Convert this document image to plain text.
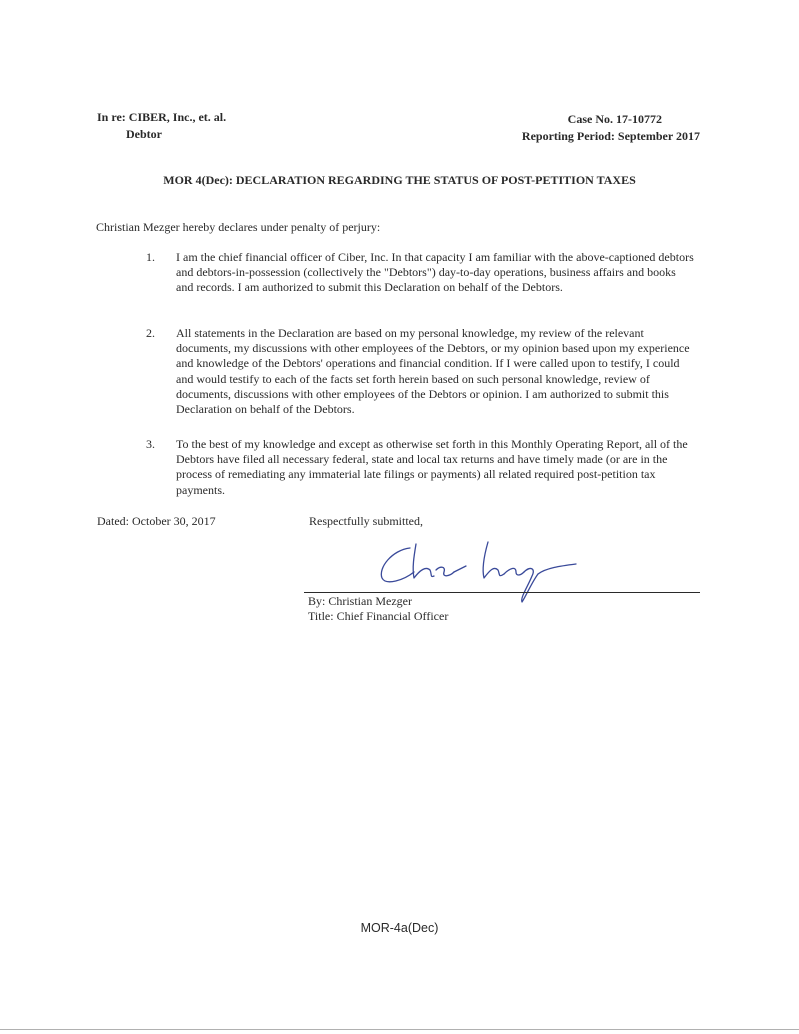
In re: CIBER, Inc., et. al.
Debtor
Case No. 17-10772
Reporting Period: September 2017
MOR 4(Dec): DECLARATION REGARDING THE STATUS OF POST-PETITION TAXES
Christian Mezger hereby declares under penalty of perjury:
1. I am the chief financial officer of Ciber, Inc. In that capacity I am familiar with the above-captioned debtors and debtors-in-possession (collectively the "Debtors") day-to-day operations, business affairs and books and records. I am authorized to submit this Declaration on behalf of the Debtors.
2. All statements in the Declaration are based on my personal knowledge, my review of the relevant documents, my discussions with other employees of the Debtors, or my opinion based upon my experience and knowledge of the Debtors' operations and financial condition. If I were called upon to testify, I could and would testify to each of the facts set forth herein based on such personal knowledge, review of documents, discussions with other employees of the Debtors or opinion. I am authorized to submit this Declaration on behalf of the Debtors.
3. To the best of my knowledge and except as otherwise set forth in this Monthly Operating Report, all of the Debtors have filed all necessary federal, state and local tax returns and have timely made (or are in the process of remediating any immaterial late filings or payments) all related required post-petition tax payments.
Dated: October 30, 2017	Respectfully submitted,
By: Christian Mezger
Title: Chief Financial Officer
MOR-4a(Dec)
